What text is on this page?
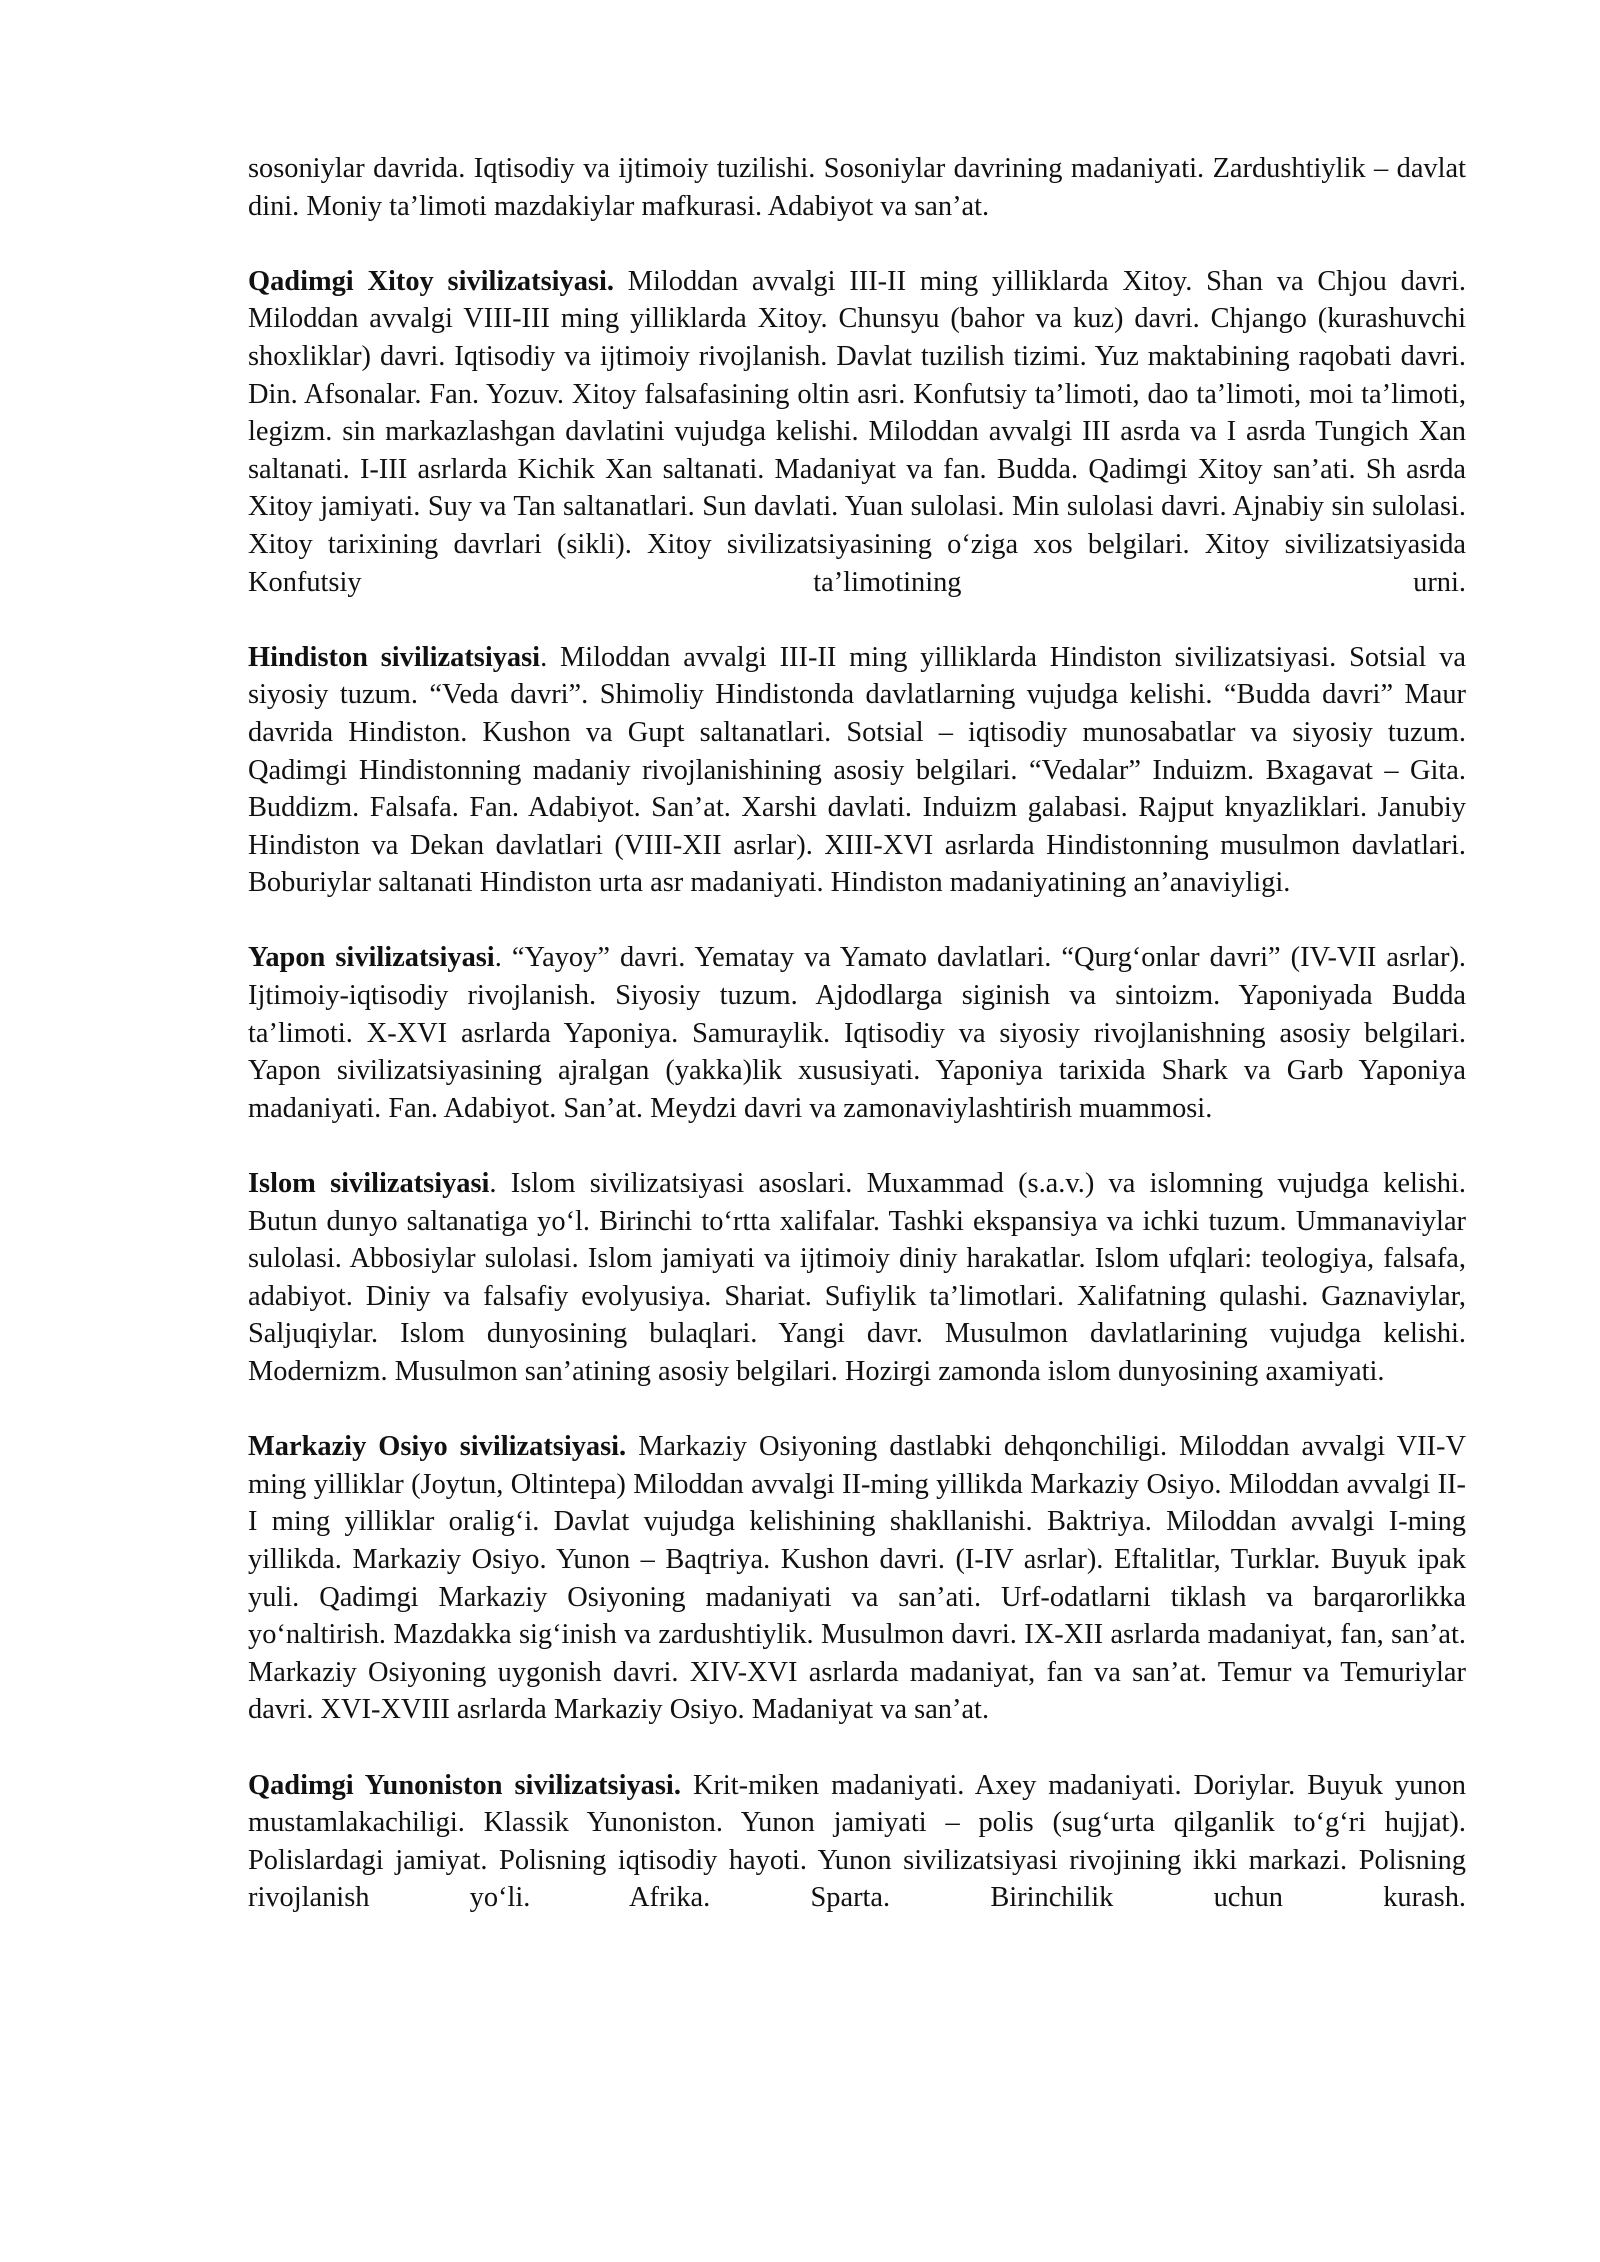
sosoniylar davrida. Iqtisodiy va ijtimoiy tuzilishi. Sosoniylar davrining madaniyati. Zardushtiylik – davlat dini. Moniy ta’limoti mazdakiylar mafkurasi. Adabiyot va san’at.

Qadimgi Xitoy sivilizatsiyasi. Miloddan avvalgi III-II ming yilliklarda Xitoy. Shan va Chjou davri. Miloddan avvalgi VIII-III ming yilliklarda Xitoy. Chunsyu (bahor va kuz) davri. Chjango (kurashuvchi shoxliklar) davri. Iqtisodiy va ijtimoiy rivojlanish. Davlat tuzilish tizimi. Yuz maktabining raqobati davri. Din. Afsonalar. Fan. Yozuv. Xitoy falsafasining oltin asri. Konfutsiy ta’limoti, dao ta’limoti, moi ta’limoti, legizm. sin markazlashgan davlatini vujudga kelishi. Miloddan avvalgi III asrda va I asrda Tungich Xan saltanati. I-III asrlarda Kichik Xan saltanati. Madaniyat va fan. Budda. Qadimgi Xitoy san’ati. Sh asrda Xitoy jamiyati. Suy va Tan saltanatlari. Sun davlati. Yuan sulolasi. Min sulolasi davri. Ajnabiy sin sulolasi. Xitoy tarixining davrlari (sikli). Xitoy sivilizatsiyasining o‘ziga xos belgilari. Xitoy sivilizatsiyasida Konfutsiy ta’limotining urni.

Hindiston sivilizatsiyasi. Miloddan avvalgi III-II ming yilliklarda Hindiston sivilizatsiyasi. Sotsial va siyosiy tuzum. “Veda davri”. Shimoliy Hindistonda davlatlarning vujudga kelishi. “Budda davri” Maur davrida Hindiston. Kushon va Gupt saltanatlari. Sotsial – iqtisodiy munosabatlar va siyosiy tuzum. Qadimgi Hindistonning madaniy rivojlanishining asosiy belgilari. “Vedalar” Induizm. Bxagavat – Gita. Buddizm. Falsafa. Fan. Adabiyot. San’at. Xarshi davlati. Induizm galabasi. Rajput knyazliklari. Janubiy Hindiston va Dekan davlatlari (VIII-XII asrlar). XIII-XVI asrlarda Hindistonning musulmon davlatlari. Boburiylar saltanati Hindiston urta asr madaniyati. Hindiston madaniyatining an’anaviyligi.

Yapon sivilizatsiyasi. “Yayoy” davri. Yematay va Yamato davlatlari. “Qurg‘onlar davri” (IV-VII asrlar). Ijtimoiy-iqtisodiy rivojlanish. Siyosiy tuzum. Ajdodlarga siginish va sintoizm. Yaponiyada Budda ta’limoti. X-XVI asrlarda Yaponiya. Samuraylik. Iqtisodiy va siyosiy rivojlanishning asosiy belgilari. Yapon sivilizatsiyasining ajralgan (yakka)lik xususiyati. Yaponiya tarixida Shark va Garb Yaponiya madaniyati. Fan. Adabiyot. San’at. Meydzi davri va zamonaviylashtirish muammosi.

Islom sivilizatsiyasi. Islom sivilizatsiyasi asoslari. Muxammad (s.a.v.) va islomning vujudga kelishi. Butun dunyo saltanatiga yo‘l. Birinchi to‘rtta xalifalar. Tashki ekspansiya va ichki tuzum. Ummanaviylar sulolasi. Abbosiylar sulolasi. Islom jamiyati va ijtimoiy diniy harakatlar. Islom ufqlari: teologiya, falsafa, adabiyot. Diniy va falsafiy evolyusiya. Shariat. Sufiylik ta’limotlari. Xalifatning qulashi. Gaznaviylar, Saljuqiylar. Islom dunyosining bulaqlari. Yangi davr. Musulmon davlatlarining vujudga kelishi. Modernizm. Musulmon san’atining asosiy belgilari. Hozirgi zamonda islom dunyosining axamiyati.

Markaziy Osiyo sivilizatsiyasi. Markaziy Osiyoning dastlabki dehqonchiligi. Miloddan avvalgi VII-V ming yilliklar (Joytun, Oltintepa) Miloddan avvalgi II-ming yillikda Markaziy Osiyo. Miloddan avvalgi II-I ming yilliklar oralig‘i. Davlat vujudga kelishining shakllanishi. Baktriya. Miloddan avvalgi I-ming yillikda. Markaziy Osiyo. Yunon – Baqtriya. Kushon davri. (I-IV asrlar). Eftalitlar, Turklar. Buyuk ipak yuli. Qadimgi Markaziy Osiyoning madaniyati va san’ati. Urf-odatlarni tiklash va barqarorlikka yo‘naltirish. Mazdakka sig‘inish va zardushtiylik. Musulmon davri. IX-XII asrlarda madaniyat, fan, san’at. Markaziy Osiyoning uygonish davri. XIV-XVI asrlarda madaniyat, fan va san’at. Temur va Temuriylar davri. XVI-XVIII asrlarda Markaziy Osiyo. Madaniyat va san’at.

Qadimgi Yunoniston sivilizatsiyasi. Krit-miken madaniyati. Axey madaniyati. Doriylar. Buyuk yunon mustamlakachiligi. Klassik Yunoniston. Yunon jamiyati – polis (sug‘urta qilganlik to‘g‘ri hujjat). Polislardagi jamiyat. Polisning iqtisodiy hayoti. Yunon sivilizatsiyasi rivojining ikki markazi. Polisning rivojlanish yo‘li. Afrika. Sparta. Birinchilik uchun kurash.
